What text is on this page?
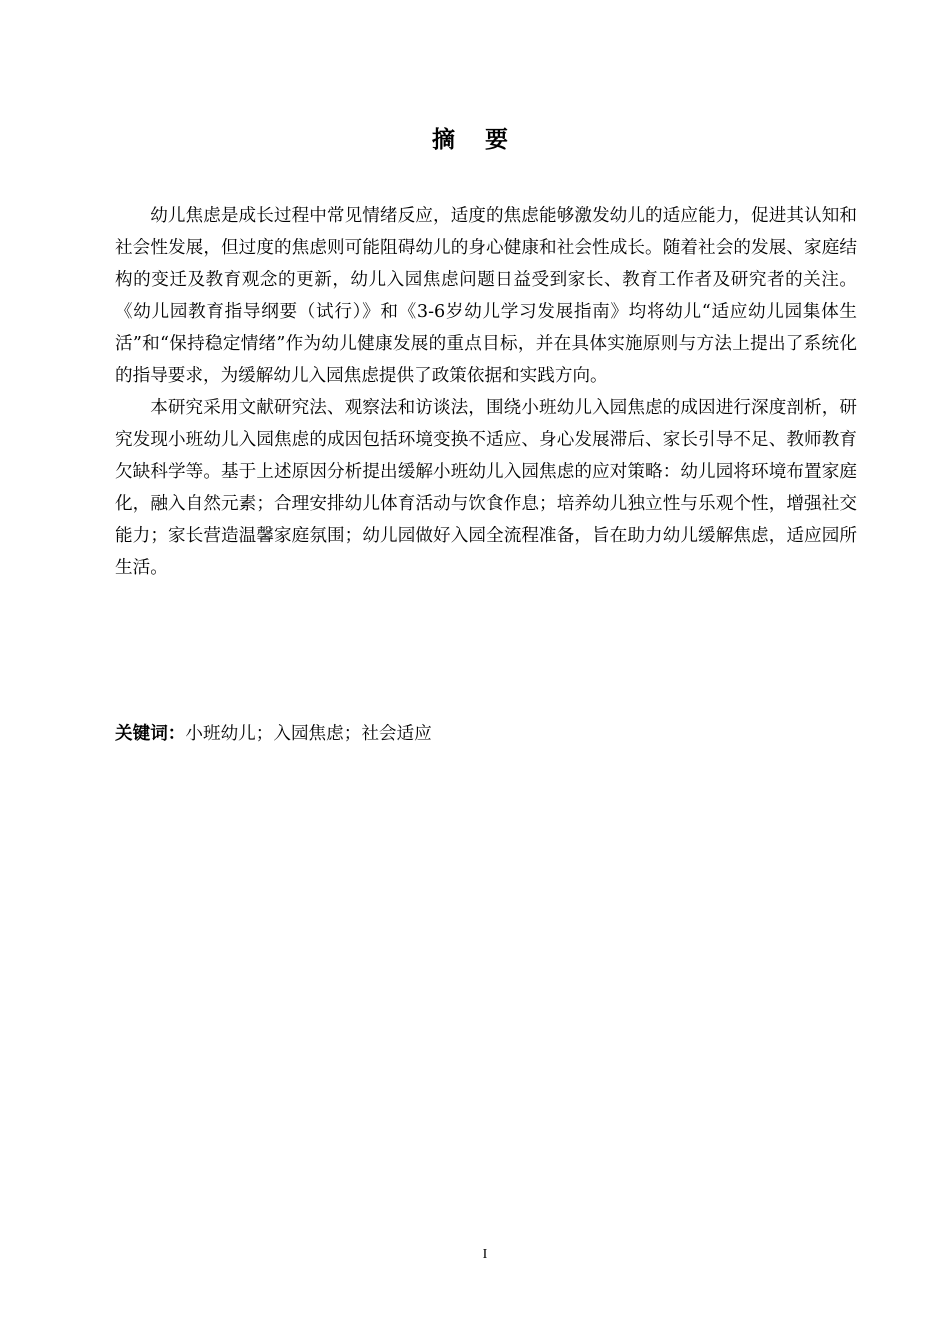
摘要

幼儿焦虑是成长过程中常见情绪反应，适度的焦虑能够激发幼儿的适应能力，促进其认知和社会性发展，但过度的焦虑则可能阻碍幼儿的身心健康和社会性成长。随着社会的发展、家庭结构的变迁及教育观念的更新，幼儿入园焦虑问题日益受到家长、教育工作者及研究者的关注。《幼儿园教育指导纲要（试行）》和《3-6岁幼儿学习发展指南》均将幼儿“适应幼儿园集体生活”和“保持稳定情绪”作为幼儿健康发展的重点目标，并在具体实施原则与方法上提出了系统化的指导要求，为缓解幼儿入园焦虑提供了政策依据和实践方向。

本研究采用文献研究法、观察法和访谈法，围绕小班幼儿入园焦虑的成因进行深度剖析，研究发现小班幼儿入园焦虑的成因包括环境变换不适应、身心发展滞后、家长引导不足、教师教育欠缺科学等。基于上述原因分析提出缓解小班幼儿入园焦虑的应对策略：幼儿园将环境布置家庭化，融入自然元素；合理安排幼儿体育活动与饮食作息；培养幼儿独立性与乐观个性，增强社交能力；家长营造温馨家庭氛围；幼儿园做好入园全流程准备，旨在助力幼儿缓解焦虑，适应园所生活。

关键词：小班幼儿；入园焦虑；社会适应
I
